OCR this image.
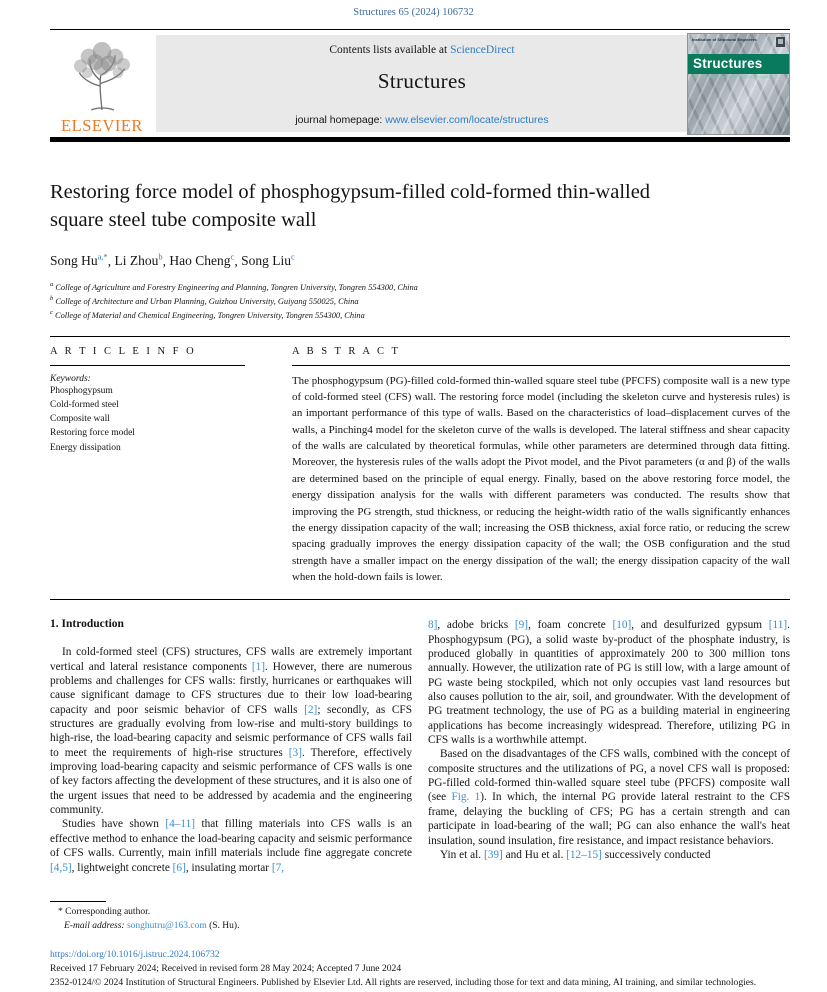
Structures 65 (2024) 106732
ELSEVIER
Contents lists available at ScienceDirect
Structures
journal homepage: www.elsevier.com/locate/structures
Institution of Structural Engineers
Structures
The Journal of the Institution of Structural Engineers
Restoring force model of phosphogypsum-filled cold-formed thin-walled square steel tube composite wall
Song $Hu^{a,*}$, Li Zhou$^b$, Hao Cheng$^c$, Song Liu$^c$
$^a$ College of Agriculture and Forestry Engineering and Planning, Tongren University, Tongren 554300, China
$^b$ College of Architecture and Urban Planning, Guizhou University, Guiyang 550025, China
$^c$ College of Material and Chemical Engineering, Tongren University, Tongren 554300, China
A R T I C L E I N F O
Keywords:
Phosphogypsum
Cold-formed steel
Composite wall
Restoring force model
Energy dissipation
A B S T R A C T
The phosphogypsum (PG)-filled cold-formed thin-walled square steel tube (PFCFS) composite wall is a new type of cold-formed steel (CFS) wall. The restoring force model (including the skeleton curve and hysteresis rules) is an important performance of this type of walls. Based on the characteristics of load–displacement curves of the walls, a Pinching4 model for the skeleton curve of the walls is developed. The lateral stiffness and shear capacity of the walls are calculated by theoretical formulas, while other parameters are determined through data fitting. Moreover, the hysteresis rules of the walls adopt the Pivot model, and the Pivot parameters (α and β) of the walls are determined based on the principle of equal energy. Finally, based on the above restoring force model, the energy dissipation analysis for the walls with different parameters was conducted. The results show that improving the PG strength, stud thickness, or reducing the height-width ratio of the walls significantly enhances the energy dissipation capacity of the wall; increasing the OSB thickness, axial force ratio, or reducing the screw spacing gradually improves the energy dissipation capacity of the wall; the OSB configuration and the stud strength have a smaller impact on the energy dissipation of the wall; the energy dissipation capacity of the wall when the hold-down fails is lower.
1. Introduction

In cold-formed steel (CFS) structures, CFS walls are extremely important vertical and lateral resistance components [1]. However, there are numerous problems and challenges for CFS walls: firstly, hurricanes or earthquakes will cause significant damage to CFS structures due to their low load-bearing capacity and poor seismic behavior of CFS walls [2]; secondly, as CFS structures are gradually evolving from low-rise and multi-story buildings to high-rise, the load-bearing capacity and seismic performance of CFS walls fail to meet the requirements of high-rise structures [3]. Therefore, effectively improving load-bearing capacity and seismic performance of CFS walls is one of key factors affecting the development of these structures, and it is also one of the urgent issues that need to be addressed by academia and the engineering community.

Studies have shown [4–11] that filling materials into CFS walls is an effective method to enhance the load-bearing capacity and seismic performance of CFS walls. Currently, main infill materials include fine aggregate concrete [4,5], lightweight concrete [6], insulating mortar [7,

8], adobe bricks [9], foam concrete [10], and desulfurized gypsum [11]. Phosphogypsum (PG), a solid waste by-product of the phosphate industry, is produced globally in quantities of approximately 200 to 300 million tons annually. However, the utilization rate of PG is still low, with a large amount of PG waste being stockpiled, which not only occupies vast land resources but also causes pollution to the air, soil, and groundwater. With the development of PG treatment technology, the use of PG as a building material in engineering applications has become increasingly widespread. Therefore, utilizing PG in CFS walls is a worthwhile attempt.

Based on the disadvantages of the CFS walls, combined with the concept of composite structures and the utilizations of PG, a novel CFS wall is proposed: PG-filled cold-formed thin-walled square steel tube (PFCFS) composite wall (see Fig. 1). In which, the internal PG provide lateral restraint to the CFS frame, delaying the buckling of CFS; PG has a certain strength and can participate in load-bearing of the wall; PG can also enhance the wall's heat insulation, sound insulation, fire resistance, and impact resistance behaviors.

Yin et al. [39] and Hu et al. [12–15] successively conducted

* Corresponding author.
E-mail address: songhutru@163.com (S. Hu).
https://doi.org/10.1016/j.istruc.2024.106732
Received 17 February 2024; Received in revised form 28 May 2024; Accepted 7 June 2024
2352-0124/© 2024 Institution of Structural Engineers. Published by Elsevier Ltd. All rights are reserved, including those for text and data mining, AI training, and similar technologies.
